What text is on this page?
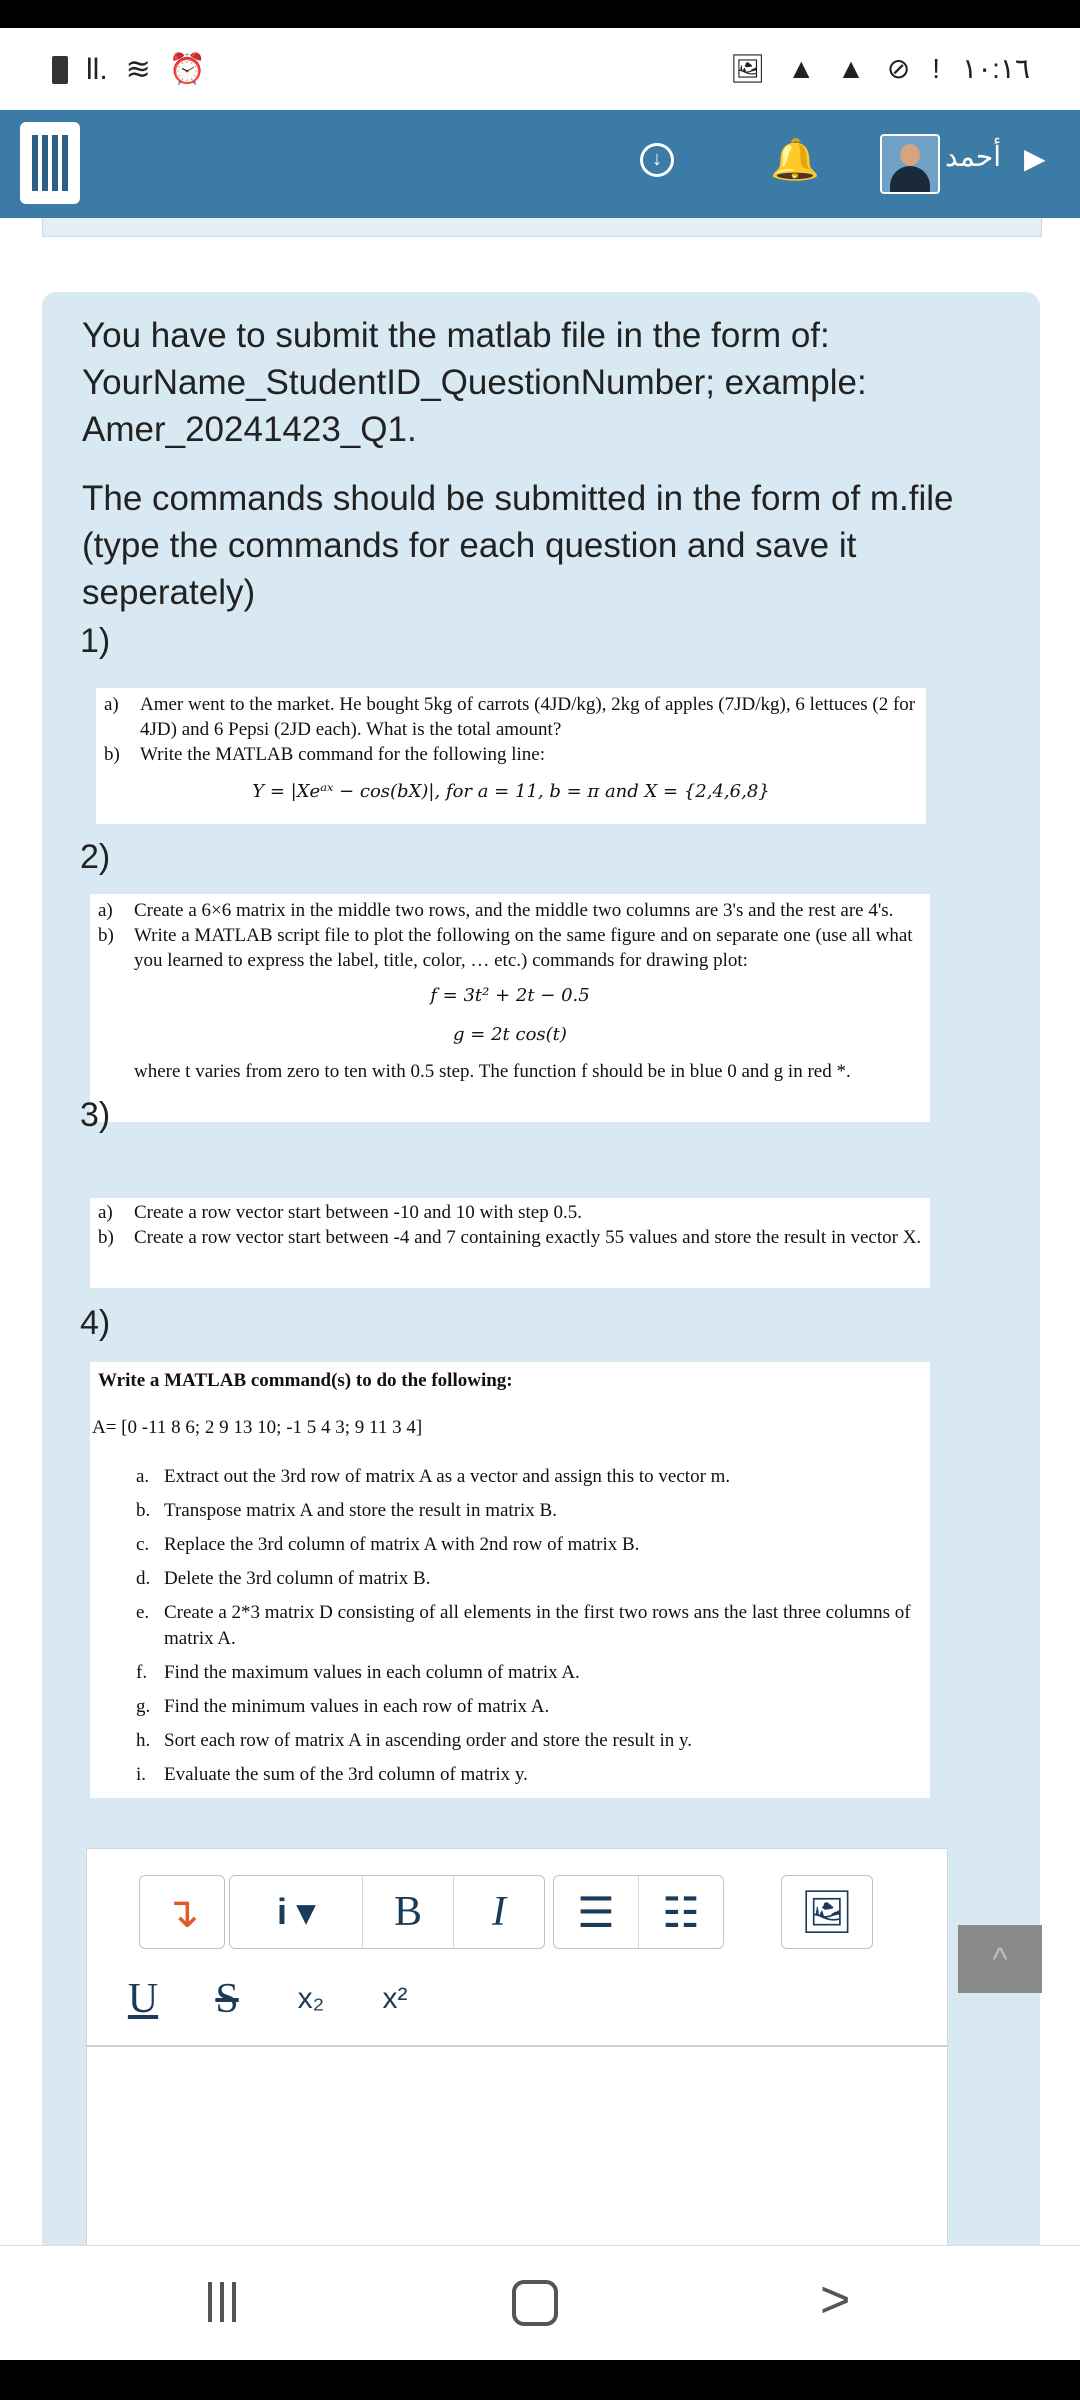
ll. ≋ ⏰	🖼 ▲ ▲ ⊘ ! ١٠:١٦
↓	🔔	أحمد ▶

You have to submit the matlab file in the form of: YourName_StudentID_QuestionNumber; example: Amer_20241423_Q1.

The commands should be submitted in the form of m.file (type the commands for each question and save it seperately)

1)
a)	Amer went to the market. He bought 5kg of carrots (4JD/kg), 2kg of apples (7JD/kg), 6 lettuces (2 for 4JD) and 6 Pepsi (2JD each). What is the total amount?
b)	Write the MATLAB command for the following line:
Y = |Xeᵃˣ − cos(bX)|, for a = 11, b = π and X = {2,4,6,8}
2)
a)	Create a 6×6 matrix in the middle two rows, and the middle two columns are 3's and the rest are 4's.
b)	Write a MATLAB script file to plot the following on the same figure and on separate one (use all what you learned to express the label, title, color, … etc.) commands for drawing plot:
f = 3t² + 2t − 0.5
g = 2t cos(t)
where t varies from zero to ten with 0.5 step. The function f should be in blue 0 and g in red *.
3)
a)	Create a row vector start between -10 and 10 with step 0.5.
b)	Create a row vector start between -4 and 7 containing exactly 55 values and store the result in vector X.
4)
Write a MATLAB command(s) to do the following:
A= [0 -11 8 6; 2 9 13 10; -1 5 4 3; 9 11 3 4]
a. Extract out the 3rd row of matrix A as a vector and assign this to vector m.
b. Transpose matrix A and store the result in matrix B.
c. Replace the 3rd column of matrix A with 2nd row of matrix B.
d. Delete the 3rd column of matrix B.
e. Create a 2*3 matrix D consisting of all elements in the first two rows ans the last three columns of matrix A.
f. Find the maximum values in each column of matrix A.
g. Find the minimum values in each row of matrix A.
h. Sort each row of matrix A in ascending order and store the result in y.
i. Evaluate the sum of the 3rd column of matrix y.
↴	i ▾	B	I	☰	☷	🖼
U	S	x₂	x²
^
>
